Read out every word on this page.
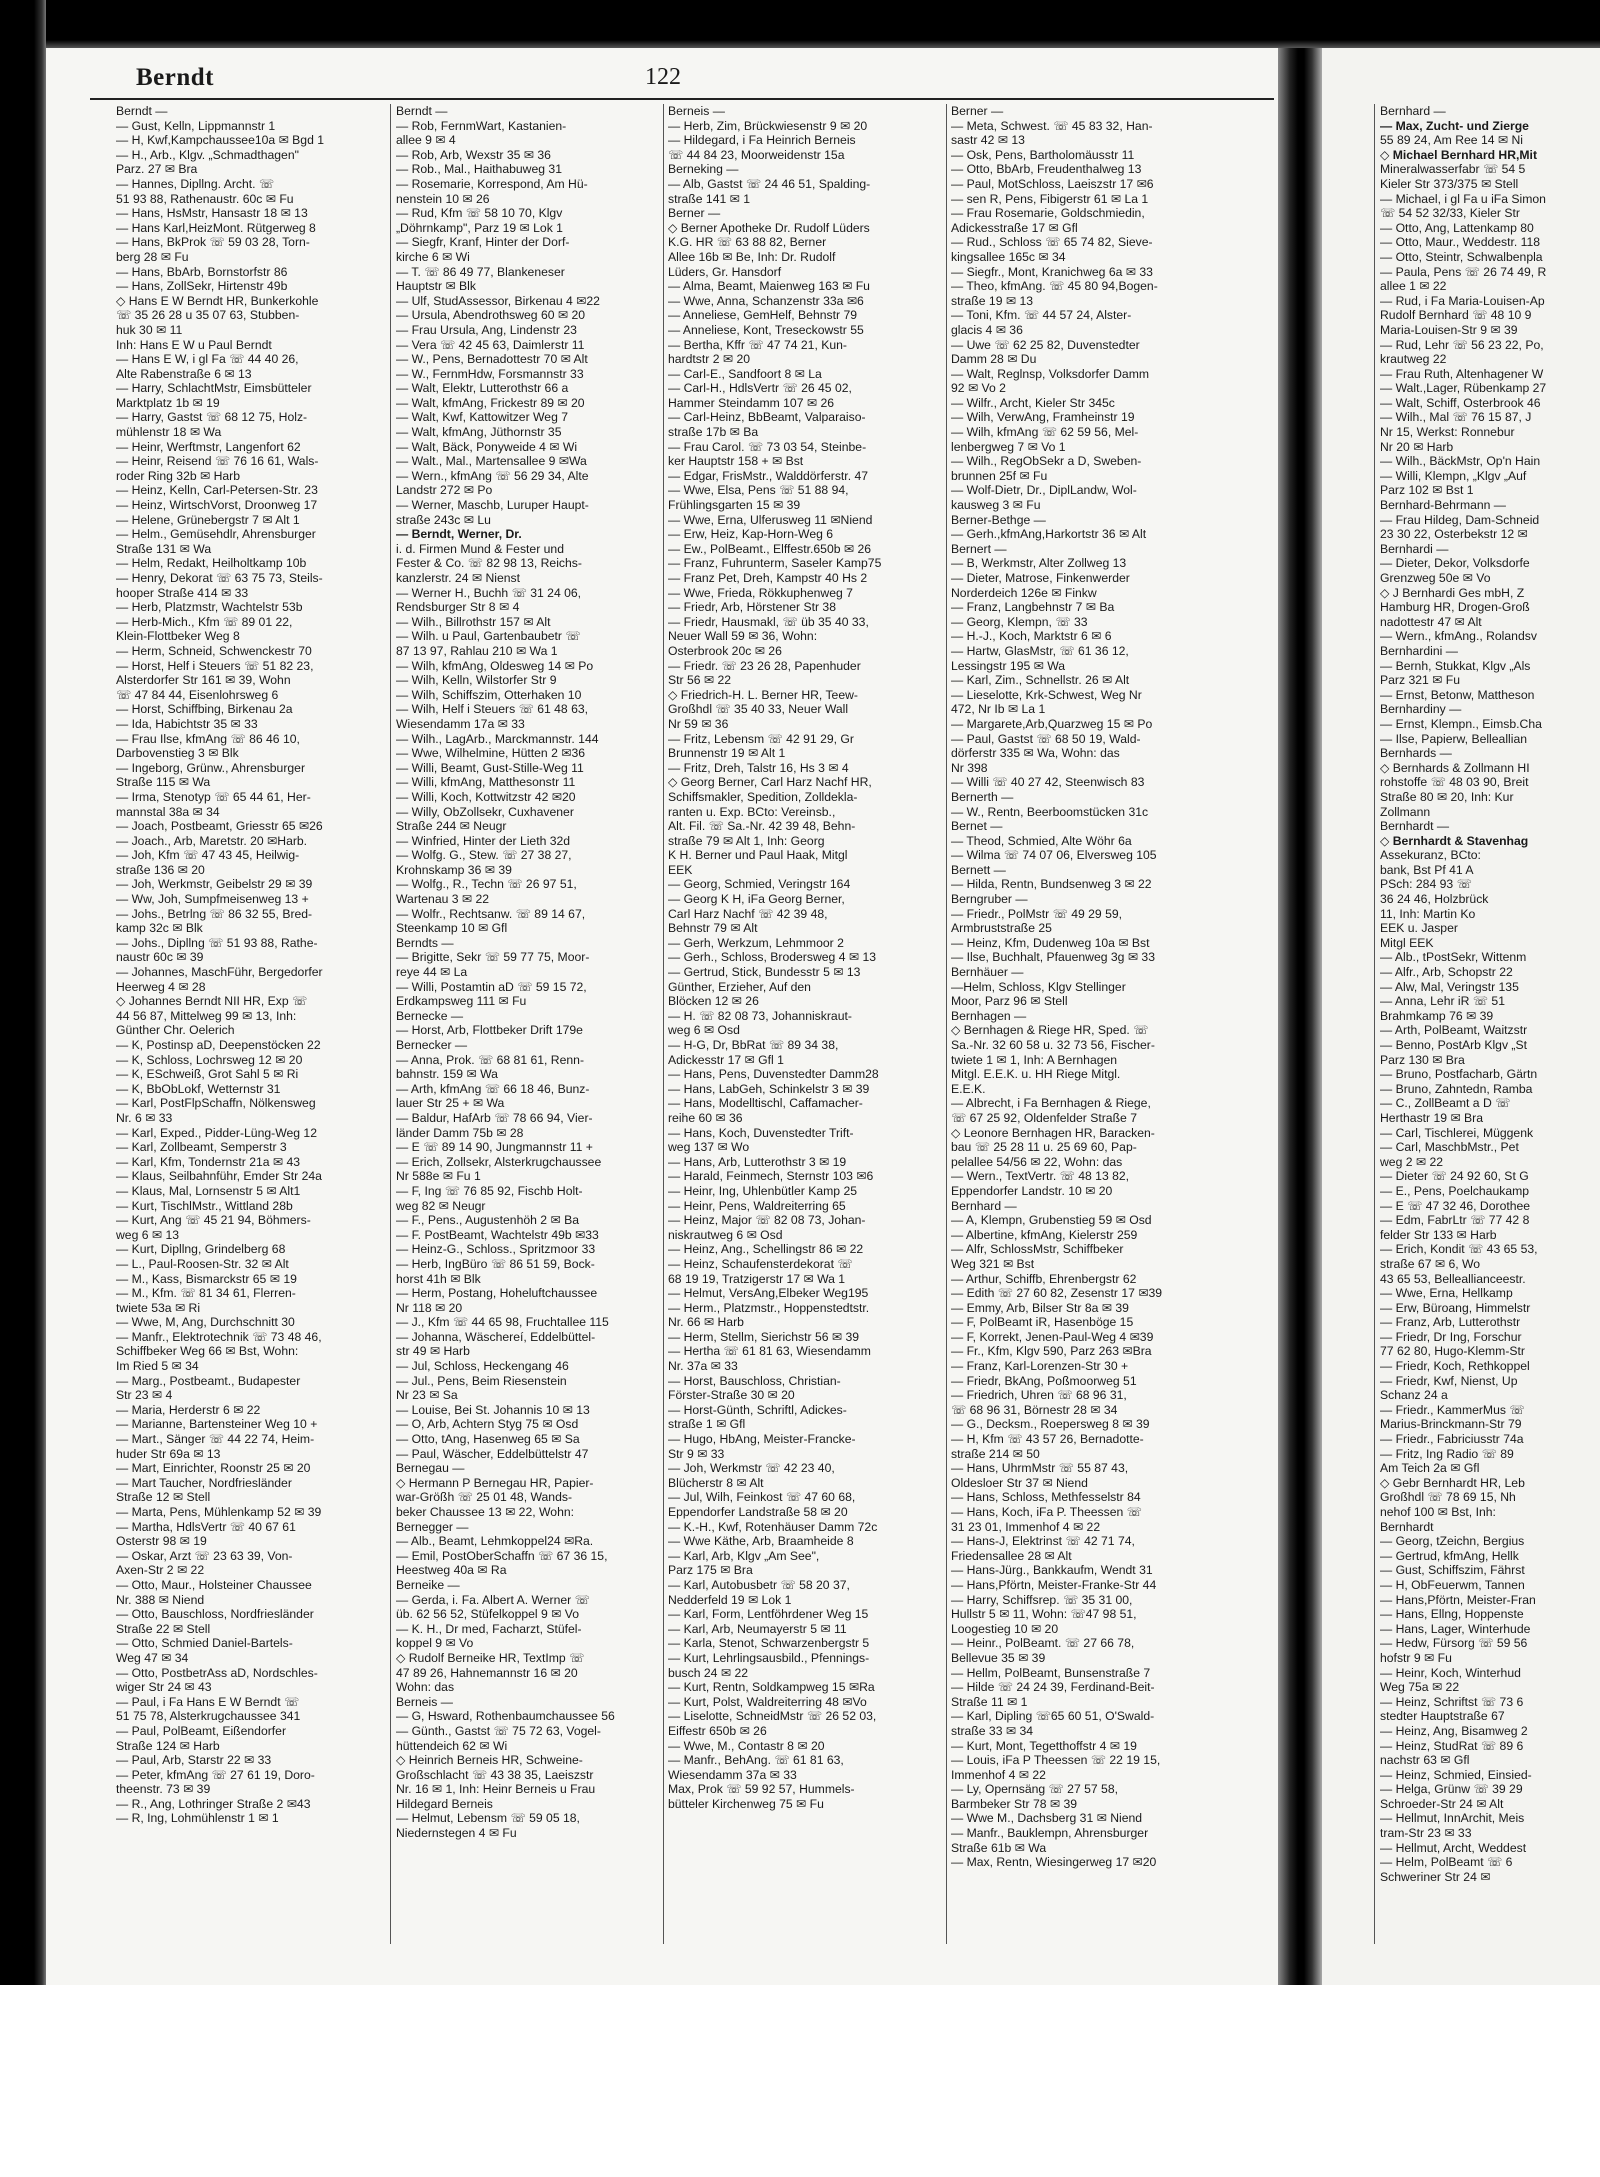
Berndt	122
Berndt —
— Gust, Kelln, Lippmannstr 1
— H, Kwf,Kampchaussee10a ✉ Bgd 1
— H., Arb., Klgv. „Schmadthagen"
Parz. 27 ✉ Bra
— Hannes, Dipllng. Archt. ☏
51 93 88, Rathenaustr. 60c ✉ Fu
— Hans, HsMstr, Hansastr 18 ✉ 13
— Hans Karl,HeizMont. Rütgerweg 8
— Hans, BkProk ☏ 59 03 28, Torn-
berg 28 ✉ Fu
— Hans, BbArb, Bornstorfstr 86
— Hans, ZollSekr, Hirtenstr 49b
◇ Hans E W Berndt HR, Bunkerkohle
☏ 35 26 28 u 35 07 63, Stubben-
huk 30 ✉ 11
Inh: Hans E W u Paul Berndt
— Hans E W, i gl Fa ☏ 44 40 26,
Alte Rabenstraße 6 ✉ 13
— Harry, SchlachtMstr, Eimsbütteler
Marktplatz 1b ✉ 19
— Harry, Gastst ☏ 68 12 75, Holz-
mühlenstr 18 ✉ Wa
— Heinr, Werftmstr, Langenfort 62
— Heinr, Reisend ☏ 76 16 61, Wals-
roder Ring 32b ✉ Harb
— Heinz, Kelln, Carl-Petersen-Str. 23
— Heinz, WirtschVorst, Droonweg 17
— Helene, Grünebergstr 7 ✉ Alt 1
— Helm., Gemüsehdlr, Ahrensburger
Straße 131 ✉ Wa
— Helm, Redakt, Heilholtkamp 10b
— Henry, Dekorat ☏ 63 75 73, Steils-
hooper Straße 414 ✉ 33
— Herb, Platzmstr, Wachtelstr 53b
— Herb-Mich., Kfm ☏ 89 01 22,
Klein-Flottbeker Weg 8
— Herm, Schneid, Schwenckestr 70
— Horst, Helf i Steuers ☏ 51 82 23,
Alsterdorfer Str 161 ✉ 39, Wohn
☏ 47 84 44, Eisenlohrsweg 6
— Horst, Schiffbing, Birkenau 2a
— Ida, Habichtstr 35 ✉ 33
— Frau Ilse, kfmAng ☏ 86 46 10,
Darbovenstieg 3 ✉ Blk
— Ingeborg, Grünw., Ahrensburger
Straße 115 ✉ Wa
— Irma, Stenotyp ☏ 65 44 61, Her-
mannstal 38a ✉ 34
— Joach, Postbeamt, Griesstr 65 ✉26
— Joach., Arb, Maretstr. 20 ✉Harb.
— Joh, Kfm ☏ 47 43 45, Heilwig-
straße 136 ✉ 20
— Joh, Werkmstr, Geibelstr 29 ✉ 39
— Ww, Joh, Sumpfmeisenweg 13 +
— Johs., Betrlng ☏ 86 32 55, Bred-
kamp 32c ✉ Blk
— Johs., Dipllng ☏ 51 93 88, Rathe-
naustr 60c ✉ 39
— Johannes, MaschFühr, Bergedorfer
Heerweg 4 ✉ 28
◇ Johannes Berndt NII HR, Exp ☏
44 56 87, Mittelweg 99 ✉ 13, Inh:
Günther Chr. Oelerich
— K, Postinsp aD, Deepenstöcken 22
— K, Schloss, Lochrsweg 12 ✉ 20
— K, ESchweiß, Grot Sahl 5 ✉ Ri
— K, BbObLokf, Wetternstr 31
— Karl, PostFlpSchaffn, Nölkensweg
Nr. 6 ✉ 33
— Karl, Exped., Pidder-Lüng-Weg 12
— Karl, Zollbeamt, Semperstr 3
— Karl, Kfm, Tondernstr 21a ✉ 43
— Klaus, Seilbahnführ, Emder Str 24a
— Klaus, Mal, Lornsenstr 5 ✉ Alt1
— Kurt, TischlMstr., Wittland 28b
— Kurt, Ang ☏ 45 21 94, Böhmers-
weg 6 ✉ 13
— Kurt, Dipllng, Grindelberg 68
— L., Paul-Roosen-Str. 32 ✉ Alt
— M., Kass, Bismarckstr 65 ✉ 19
— M., Kfm. ☏ 81 34 61, Flerren-
twiete 53a ✉ Ri
— Wwe, M, Ang, Durchschnitt 30
— Manfr., Elektrotechnik ☏ 73 48 46,
Schiffbeker Weg 66 ✉ Bst, Wohn:
Im Ried 5 ✉ 34
— Marg., Postbeamt., Budapester
Str 23 ✉ 4
— Maria, Herderstr 6 ✉ 22
— Marianne, Bartensteiner Weg 10 +
— Mart., Sänger ☏ 44 22 74, Heim-
huder Str 69a ✉ 13
— Mart, Einrichter, Roonstr 25 ✉ 20
— Mart Taucher, Nordfriesländer
Straße 12 ✉ Stell
— Marta, Pens, Mühlenkamp 52 ✉ 39
— Martha, HdlsVertr ☏ 40 67 61
Osterstr 98 ✉ 19
— Oskar, Arzt ☏ 23 63 39, Von-
Axen-Str 2 ✉ 22
— Otto, Maur., Holsteiner Chaussee
Nr. 388 ✉ Niend
— Otto, Bauschloss, Nordfriesländer
Straße 22 ✉ Stell
— Otto, Schmied Daniel-Bartels-
Weg 47 ✉ 34
— Otto, PostbetrAss aD, Nordschles-
wiger Str 24 ✉ 43
— Paul, i Fa Hans E W Berndt ☏
51 75 78, Alsterkrugchaussee 341
— Paul, PolBeamt, Eißendorfer
Straße 124 ✉ Harb
— Paul, Arb, Starstr 22 ✉ 33
— Peter, kfmAng ☏ 27 61 19, Doro-
theenstr. 73 ✉ 39
— R., Ang, Lothringer Straße 2 ✉43
— R, Ing, Lohmühlenstr 1 ✉ 1
Berndt —
— Rob, FernmWart, Kastanien-
allee 9 ✉ 4
— Rob, Arb, Wexstr 35 ✉ 36
— Rob., Mal., Haithabuweg 31
— Rosemarie, Korrespond, Am Hü-
nenstein 10 ✉ 26
— Rud, Kfm ☏ 58 10 70, Klgv
„Döhrnkamp", Parz 19 ✉ Lok 1
— Siegfr, Kranf, Hinter der Dorf-
kirche 6 ✉ Wi
— T. ☏ 86 49 77, Blankeneser
Hauptstr ✉ Blk
— Ulf, StudAssessor, Birkenau 4 ✉22
— Ursula, Abendrothsweg 60 ✉ 20
— Frau Ursula, Ang, Lindenstr 23
— Vera ☏ 42 45 63, Daimlerstr 11
— W., Pens, Bernadottestr 70 ✉ Alt
— W., FernmHdw, Forsmannstr 33
— Walt, Elektr, Lutterothstr 66 a
— Walt, kfmAng, Frickestr 89 ✉ 20
— Walt, Kwf, Kattowitzer Weg 7
— Walt, kfmAng, Jüthornstr 35
— Walt, Bäck, Ponyweide 4 ✉ Wi
— Walt., Mal., Martensallee 9 ✉Wa
— Wern., kfmAng ☏ 56 29 34, Alte
Landstr 272 ✉ Po
— Werner, Maschb, Luruper Haupt-
straße 243c ✉ Lu
— Berndt, Werner, Dr.
i. d. Firmen Mund & Fester und
Fester & Co. ☏ 82 98 13, Reichs-
kanzlerstr. 24 ✉ Nienst
— Werner H., Buchh ☏ 31 24 06,
Rendsburger Str 8 ✉ 4
— Wilh., Billrothstr 157 ✉ Alt
— Wilh. u Paul, Gartenbaubetr ☏
87 13 97, Rahlau 210 ✉ Wa 1
— Wilh, kfmAng, Oldesweg 14 ✉ Po
— Wilh, Kelln, Wilstorfer Str 9
— Wilh, Schiffszim, Otterhaken 10
— Wilh, Helf i Steuers ☏ 61 48 63,
Wiesendamm 17a ✉ 33
— Wilh., LagArb., Marckmannstr. 144
— Wwe, Wilhelmine, Hütten 2 ✉36
— Willi, Beamt, Gust-Stille-Weg 11
— Willi, kfmAng, Matthesonstr 11
— Willi, Koch, Kottwitzstr 42 ✉20
— Willy, ObZollsekr, Cuxhavener
Straße 244 ✉ Neugr
— Winfried, Hinter der Lieth 32d
— Wolfg. G., Stew. ☏ 27 38 27,
Krohnskamp 36 ✉ 39
— Wolfg., R., Techn ☏ 26 97 51,
Wartenau 3 ✉ 22
— Wolfr., Rechtsanw. ☏ 89 14 67,
Steenkamp 10 ✉ Gfl
Berndts —
— Brigitte, Sekr ☏ 59 77 75, Moor-
reye 44 ✉ La
— Willi, Postamtin aD ☏ 59 15 72,
Erdkampsweg 111 ✉ Fu
Bernecke —
— Horst, Arb, Flottbeker Drift 179e
Bernecker —
— Anna, Prok. ☏ 68 81 61, Renn-
bahnstr. 159 ✉ Wa
— Arth, kfmAng ☏ 66 18 46, Bunz-
lauer Str 25 + ✉ Wa
— Baldur, HafArb ☏ 78 66 94, Vier-
länder Damm 75b ✉ 28
— E ☏ 89 14 90, Jungmannstr 11 +
— Erich, Zollsekr, Alsterkrugchaussee
Nr 588e ✉ Fu 1
— F, Ing ☏ 76 85 92, Fischb Holt-
weg 82 ✉ Neugr
— F., Pens., Augustenhöh 2 ✉ Ba
— F. PostBeamt, Wachtelstr 49b ✉33
— Heinz-G., Schloss., Spritzmoor 33
— Herb, IngBüro ☏ 86 51 59, Bock-
horst 41h ✉ Blk
— Herm, Postang, Hoheluftchaussee
Nr 118 ✉ 20
— J., Kfm ☏ 44 65 98, Fruchtallee 115
— Johanna, Wäschereí, Eddelbüttel-
str 49 ✉ Harb
— Jul, Schloss, Heckengang 46
— Jul., Pens, Beim Riesenstein
Nr 23 ✉ Sa
— Louise, Bei St. Johannis 10 ✉ 13
— O, Arb, Achtern Styg 75 ✉ Osd
— Otto, tAng, Hasenweg 65 ✉ Sa
— Paul, Wäscher, Eddelbüttelstr 47
Bernegau —
◇ Hermann P Bernegau HR, Papier-
war-Größh ☏ 25 01 48, Wands-
beker Chaussee 13 ✉ 22, Wohn:
Bernegger —
— Alb., Beamt, Lehmkoppel24 ✉Ra.
— Emil, PostOberSchaffn ☏ 67 36 15,
Heestweg 40a ✉ Ra
Berneike —
— Gerda, i. Fa. Albert A. Werner ☏
üb. 62 56 52, Stüfelkoppel 9 ✉ Vo
— K. H., Dr med, Facharzt, Stüfel-
koppel 9 ✉ Vo
◇ Rudolf Berneike HR, TextImp ☏
47 89 26, Hahnemannstr 16 ✉ 20
Wohn: das
Berneis —
— G, Hsward, Rothenbaumchaussee 56
— Günth., Gastst ☏ 75 72 63, Vogel-
hüttendeich 62 ✉ Wi
◇ Heinrich Berneis HR, Schweine-
Großschlacht ☏ 43 38 35, Laeiszstr
Nr. 16 ✉ 1, Inh: Heinr Berneis u Frau
Hildegard Berneis
— Helmut, Lebensm ☏ 59 05 18,
Niedernstegen 4 ✉ Fu
Berneis —
— Herb, Zim, Brückwiesenstr 9 ✉ 20
— Hildegard, i Fa Heinrich Berneis
☏ 44 84 23, Moorweidenstr 15a
Berneking —
— Alb, Gastst ☏ 24 46 51, Spalding-
straße 141 ✉ 1
Berner —
◇ Berner Apotheke Dr. Rudolf Lüders
K.G. HR ☏ 63 88 82, Berner
Allee 16b ✉ Be, Inh: Dr. Rudolf
Lüders, Gr. Hansdorf
— Alma, Beamt, Maienweg 163 ✉ Fu
— Wwe, Anna, Schanzenstr 33a ✉6
— Anneliese, GemHelf, Behnstr 79
— Anneliese, Kont, Treseckowstr 55
— Bertha, Kffr ☏ 47 74 21, Kun-
hardtstr 2 ✉ 20
— Carl-E., Sandfoort 8 ✉ La
— Carl-H., HdlsVertr ☏ 26 45 02,
Hammer Steindamm 107 ✉ 26
— Carl-Heinz, BbBeamt, Valparaiso-
straße 17b ✉ Ba
— Frau Carol. ☏ 73 03 54, Steinbe-
ker Hauptstr 158 + ✉ Bst
— Edgar, FrisMstr., Walddörferstr. 47
— Wwe, Elsa, Pens ☏ 51 88 94,
Frühlingsgarten 15 ✉ 39
— Wwe, Erna, Ulferusweg 11 ✉Niend
— Erw, Heiz, Kap-Horn-Weg 6
— Ew., PolBeamt., Elffestr.650b ✉ 26
— Franz, Fuhrunterm, Saseler Kamp75
— Franz Pet, Dreh, Kampstr 40 Hs 2
— Wwe, Frieda, Rökkuphenweg 7
— Friedr, Arb, Hörstener Str 38
— Friedr, Hausmakl, ☏ üb 35 40 33,
Neuer Wall 59 ✉ 36, Wohn:
Osterbrook 20c ✉ 26
— Friedr. ☏ 23 26 28, Papenhuder
Str 56 ✉ 22
◇ Friedrich-H. L. Berner HR, Teew-
Großhdl ☏ 35 40 33, Neuer Wall
Nr 59 ✉ 36
— Fritz, Lebensm ☏ 42 91 29, Gr
Brunnenstr 19 ✉ Alt 1
— Fritz, Dreh, Talstr 16, Hs 3 ✉ 4
◇ Georg Berner, Carl Harz Nachf HR,
Schiffsmakler, Spedition, Zolldekla-
ranten u. Exp. BCto: Vereinsb.,
Alt. Fil. ☏ Sa.-Nr. 42 39 48, Behn-
straße 79 ✉ Alt 1, Inh: Georg
K H. Berner und Paul Haak, Mitgl
EEK
— Georg, Schmied, Veringstr 164
— Georg K H, iFa Georg Berner,
Carl Harz Nachf ☏ 42 39 48,
Behnstr 79 ✉ Alt
— Gerh, Werkzum, Lehmmoor 2
— Gerh., Schloss, Brodersweg 4 ✉ 13
— Gertrud, Stick, Bundesstr 5 ✉ 13
Günther, Erzieher, Auf den
Blöcken 12 ✉ 26
— H. ☏ 82 08 73, Johanniskraut-
weg 6 ✉ Osd
— H-G, Dr, BbRat ☏ 89 34 38,
Adickesstr 17 ✉ Gfl 1
— Hans, Pens, Duvenstedter Damm28
— Hans, LabGeh, Schinkelstr 3 ✉ 39
— Hans, Modelltischl, Caffamacher-
reihe 60 ✉ 36
— Hans, Koch, Duvenstedter Trift-
weg 137 ✉ Wo
— Hans, Arb, Lutterothstr 3 ✉ 19
— Harald, Feinmech, Sternstr 103 ✉6
— Heinr, Ing, Uhlenbütler Kamp 25
— Heinr, Pens, Waldreiterring 65
— Heinz, Major ☏ 82 08 73, Johan-
niskrautweg 6 ✉ Osd
— Heinz, Ang., Schellingstr 86 ✉ 22
— Heinz, Schaufensterdekorat ☏
68 19 19, Tratzigerstr 17 ✉ Wa 1
— Helmut, VersAng,Elbeker Weg195
— Herm., Platzmstr., Hoppenstedtstr.
Nr. 66 ✉ Harb
— Herm, Stellm, Sierichstr 56 ✉ 39
— Hertha ☏ 61 81 63, Wiesendamm
Nr. 37a ✉ 33
— Horst, Bauschloss, Christian-
Förster-Straße 30 ✉ 20
— Horst-Günth, Schriftl, Adickes-
straße 1 ✉ Gfl
— Hugo, HbAng, Meister-Francke-
Str 9 ✉ 33
— Joh, Werkmstr ☏ 42 23 40,
Blücherstr 8 ✉ Alt
— Jul, Wilh, Feinkost ☏ 47 60 68,
Eppendorfer Landstraße 58 ✉ 20
— K.-H., Kwf, Rotenhäuser Damm 72c
— Wwe Käthe, Arb, Braamheide 8
— Karl, Arb, Klgv „Am See",
Parz 175 ✉ Bra
— Karl, Autobusbetr ☏ 58 20 37,
Nedderfeld 19 ✉ Lok 1
— Karl, Form, Lentföhrdener Weg 15
— Karl, Arb, Neumayerstr 5 ✉ 11
— Karla, Stenot, Schwarzenbergstr 5
— Kurt, Lehrlingsausbild., Pfennings-
busch 24 ✉ 22
— Kurt, Rentn, Soldkampweg 15 ✉Ra
— Kurt, Polst, Waldreiterring 48 ✉Vo
— Liselotte, SchneidMstr ☏ 26 52 03,
Eiffestr 650b ✉ 26
— Wwe, M., Contastr 8 ✉ 20
— Manfr., BehAng. ☏ 61 81 63,
Wiesendamm 37a ✉ 33
Max, Prok ☏ 59 92 57, Hummels-
bütteler Kirchenweg 75 ✉ Fu
Berner —
— Meta, Schwest. ☏ 45 83 32, Han-
sastr 42 ✉ 13
— Osk, Pens, Bartholomäusstr 11
— Otto, BbArb, Freudenthalweg 13
— Paul, MotSchloss, Laeiszstr 17 ✉6
— sen R, Pens, Fibigerstr 61 ✉ La 1
— Frau Rosemarie, Goldschmiedin,
Adickesstraße 17 ✉ Gfl
— Rud., Schloss ☏ 65 74 82, Sieve-
kingsallee 165c ✉ 34
— Siegfr., Mont, Kranichweg 6a ✉ 33
— Theo, kfmAng. ☏ 45 80 94,Bogen-
straße 19 ✉ 13
— Toni, Kfm. ☏ 44 57 24, Alster-
glacis 4 ✉ 36
— Uwe ☏ 62 25 82, Duvenstedter
Damm 28 ✉ Du
— Walt, Reglnsp, Volksdorfer Damm
92 ✉ Vo 2
— Wilfr., Archt, Kieler Str 345c
— Wilh, VerwAng, Framheinstr 19
— Wilh, kfmAng ☏ 62 59 56, Mel-
lenbergweg 7 ✉ Vo 1
— Wilh., RegObSekr a D, Sweben-
brunnen 25f ✉ Fu
— Wolf-Dietr, Dr., DiplLandw, Wol-
kausweg 3 ✉ Fu
Berner-Bethge —
— Gerh.,kfmAng,Harkortstr 36 ✉ Alt
Bernert —
— B, Werkmstr, Alter Zollweg 13
— Dieter, Matrose, Finkenwerder
Norderdeich 126e ✉ Finkw
— Franz, Langbehnstr 7 ✉ Ba
— Georg, Klempn, ☏ 33
— H.-J., Koch, Marktstr 6 ✉ 6
— Hartw, GlasMstr, ☏ 61 36 12,
Lessingstr 195 ✉ Wa
— Karl, Zim., Schnellstr. 26 ✉ Alt
— Lieselotte, Krk-Schwest, Weg Nr
472, Nr Ib ✉ La 1
— Margarete,Arb,Quarzweg 15 ✉ Po
— Paul, Gastst ☏ 68 50 19, Wald-
dörferstr 335 ✉ Wa, Wohn: das
Nr 398
— Willi ☏ 40 27 42, Steenwisch 83
Bernerth —
— W., Rentn, Beerboomstücken 31c
Bernet —
— Theod, Schmied, Alte Wöhr 6a
— Wilma ☏ 74 07 06, Elversweg 105
Bernett —
— Hilda, Rentn, Bundsenweg 3 ✉ 22
Berngruber —
— Friedr., PolMstr ☏ 49 29 59,
Armbruststraße 25
— Heinz, Kfm, Dudenweg 10a ✉ Bst
— Ilse, Buchhalt, Pfauenweg 3g ✉ 33
Bernhäuer —
—Helm, Schloss, Klgv Stellinger
Moor, Parz 96 ✉ Stell
Bernhagen —
◇ Bernhagen & Riege HR, Sped. ☏
Sa.-Nr. 32 60 58 u. 32 73 56, Fischer-
twiete 1 ✉ 1, Inh: A Bernhagen
Mitgl. E.E.K. u. HH Riege Mitgl.
E.E.K.
— Albrecht, i Fa Bernhagen & Riege,
☏ 67 25 92, Oldenfelder Straße 7
◇ Leonore Bernhagen HR, Baracken-
bau ☏ 25 28 11 u. 25 69 60, Pap-
pelallee 54/56 ✉ 22, Wohn: das
— Wern., TextVertr. ☏ 48 13 82,
Eppendorfer Landstr. 10 ✉ 20
Bernhard —
— A, Klempn, Grubenstieg 59 ✉ Osd
— Albertine, kfmAng, Kielerstr 259
— Alfr, SchlossMstr, Schiffbeker
Weg 321 ✉ Bst
— Arthur, Schiffb, Ehrenbergstr 62
— Edith ☏ 27 60 82, Zesenstr 17 ✉39
— Emmy, Arb, Bilser Str 8a ✉ 39
— F, PolBeamt iR, Hasenböge 15
— F, Korrekt, Jenen-Paul-Weg 4 ✉39
— Fr., Kfm, Klgv 590, Parz 263 ✉Bra
— Franz, Karl-Lorenzen-Str 30 +
— Friedr, BkAng, Poßmoorweg 51
— Friedrich, Uhren ☏ 68 96 31,
☏ 68 96 31, Börnestr 28 ✉ 34
— G., Decksm., Roepersweg 8 ✉ 39
— H, Kfm ☏ 43 57 26, Bernadotte-
straße 214 ✉ 50
— Hans, UhrmMstr ☏ 55 87 43,
Oldesloer Str 37 ✉ Niend
— Hans, Schloss, Methfesselstr 84
— Hans, Koch, iFa P. Theessen ☏
31 23 01, Immenhof 4 ✉ 22
— Hans-J, Elektrinst ☏ 42 71 74,
Friedensallee 28 ✉ Alt
— Hans-Jürg., Bankkaufm, Wendt 31
— Hans,Pförtn, Meister-Franke-Str 44
— Harry, Schiffsrep. ☏ 35 31 00,
Hullstr 5 ✉ 11, Wohn: ☏47 98 51,
Loogestieg 10 ✉ 20
— Heinr., PolBeamt. ☏ 27 66 78,
Bellevue 35 ✉ 39
— Hellm, PolBeamt, Bunsenstraße 7
— Hilde ☏ 24 24 39, Ferdinand-Beit-
Straße 11 ✉ 1
— Karl, Dipling ☏65 60 51, O'Swald-
straße 33 ✉ 34
— Kurt, Mont, Tegetthoffstr 4 ✉ 19
— Louis, iFa P Theessen ☏ 22 19 15,
Immenhof 4 ✉ 22
— Ly, Opernsäng ☏ 27 57 58,
Barmbeker Str 78 ✉ 39
— Wwe M., Dachsberg 31 ✉ Niend
— Manfr., Bauklempn, Ahrensburger
Straße 61b ✉ Wa
— Max, Rentn, Wiesingerweg 17 ✉20
Bernhard —
— Max, Zucht- und Zierge
55 89 24, Am Ree 14 ✉ Ni
◇ Michael Bernhard HR,Mit
Mineralwasserfabr ☏ 54 5
Kieler Str 373/375 ✉ Stell
— Michael, i gl Fa u iFa Simon
☏ 54 52 32/33, Kieler Str
— Otto, Ang, Lattenkamp 80
— Otto, Maur., Weddestr. 118
— Otto, Steintr, Schwalbenpla
— Paula, Pens ☏ 26 74 49, R
allee 1 ✉ 22
— Rud, i Fa Maria-Louisen-Ap
Rudolf Bernhard ☏ 48 10 9
Maria-Louisen-Str 9 ✉ 39
— Rud, Lehr ☏ 56 23 22, Po,
krautweg 22
— Frau Ruth, Altenhagener W
— Walt.,Lager, Rübenkamp 27
— Walt, Schiff, Osterbrook 46
— Wilh., Mal ☏ 76 15 87, J
Nr 15, Werkst: Ronnebur
Nr 20 ✉ Harb
— Wilh., BäckMstr, Op'n Hain
— Willi, Klempn, „Klgv „Auf
Parz 102 ✉ Bst 1
Bernhard-Behrmann —
— Frau Hildeg, Dam-Schneid
23 30 22, Osterbekstr 12 ✉
Bernhardi —
— Dieter, Dekor, Volksdorfe
Grenzweg 50e ✉ Vo
◇ J Bernhardi Ges mbH, Z
Hamburg HR, Drogen-Groß
nadottestr 47 ✉ Alt
— Wern., kfmAng., Rolandsv
Bernhardini —
— Bernh, Stukkat, Klgv „Als
Parz 321 ✉ Fu
— Ernst, Betonw, Mattheson
Bernhardiny —
— Ernst, Klempn., Eimsb.Cha
— Ilse, Papierw, Belleallian
Bernhards —
◇ Bernhards & Zollmann HI
rohstoffe ☏ 48 03 90, Breit
Straße 80 ✉ 20, Inh: Kur
Zollmann
Bernhardt —
◇ Bernhardt & Stavenhag
Assekuranz, BCto:
bank, Bst Pf 41 A
PSch: 284 93 ☏
36 24 46, Holzbrück
11, Inh: Martin Ko
EEK u. Jasper
Mitgl EEK
— Alb., tPostSekr, Wittenm
— Alfr., Arb, Schopstr 22
— Alw, Mal, Veringstr 135
— Anna, Lehr iR ☏ 51
Brahmkamp 76 ✉ 39
— Arth, PolBeamt, Waitzstr
— Benno, PostArb Klgv „St
Parz 130 ✉ Bra
— Bruno, Postfacharb, Gärtn
— Bruno, Zahntedn, Ramba
— C., ZollBeamt a D ☏
Herthastr 19 ✉ Bra
— Carl, Tischlerei, Müggenk
— Carl, MaschbMstr., Pet
weg 2 ✉ 22
— Dieter ☏ 24 92 60, St G
— E., Pens, Poelchaukamp
— E ☏ 47 32 46, Dorothee
— Edm, FabrLtr ☏ 77 42 8
felder Str 133 ✉ Harb
— Erich, Kondit ☏ 43 65 53,
straße 67 ✉ 6, Wo
43 65 53, Belleallianceestr.
— Wwe, Erna, Hellkamp
— Erw, Büroang, Himmelstr
— Franz, Arb, Lutterothstr
— Friedr, Dr Ing, Forschur
77 62 80, Hugo-Klemm-Str
— Friedr, Koch, Rethkoppel
— Friedr, Kwf, Nienst, Up
Schanz 24 a
— Friedr., KammerMus ☏
Marius-Brinckmann-Str 79
— Friedr., Fabriciusstr 74a
— Fritz, Ing Radio ☏ 89
Am Teich 2a ✉ Gfl
◇ Gebr Bernhardt HR, Leb
Großhdl ☏ 78 69 15, Nh
nehof 100 ✉ Bst, Inh:
Bernhardt
— Georg, tZeichn, Bergius
— Gertrud, kfmAng, Hellk
— Gust, Schiffszim, Fährst
— H, ObFeuerwm, Tannen
— Hans,Pförtn, Meister-Fran
— Hans, Ellng, Hoppenste
— Hans, Lager, Winterhude
— Hedw, Fürsorg ☏ 59 56
hofstr 9 ✉ Fu
— Heinr, Koch, Winterhud
Weg 75a ✉ 22
— Heinz, Schriftst ☏ 73 6
stedter Hauptstraße 67
— Heinz, Ang, Bisamweg 2
— Heinz, StudRat ☏ 89 6
nachstr 63 ✉ Gfl
— Heinz, Schmied, Einsied-
— Helga, Grünw ☏ 39 29
Schroeder-Str 24 ✉ Alt
— Hellmut, InnArchit, Meis
tram-Str 23 ✉ 33
— Hellmut, Archt, Weddest
— Helm, PolBeamt ☏ 6
Schweriner Str 24 ✉
